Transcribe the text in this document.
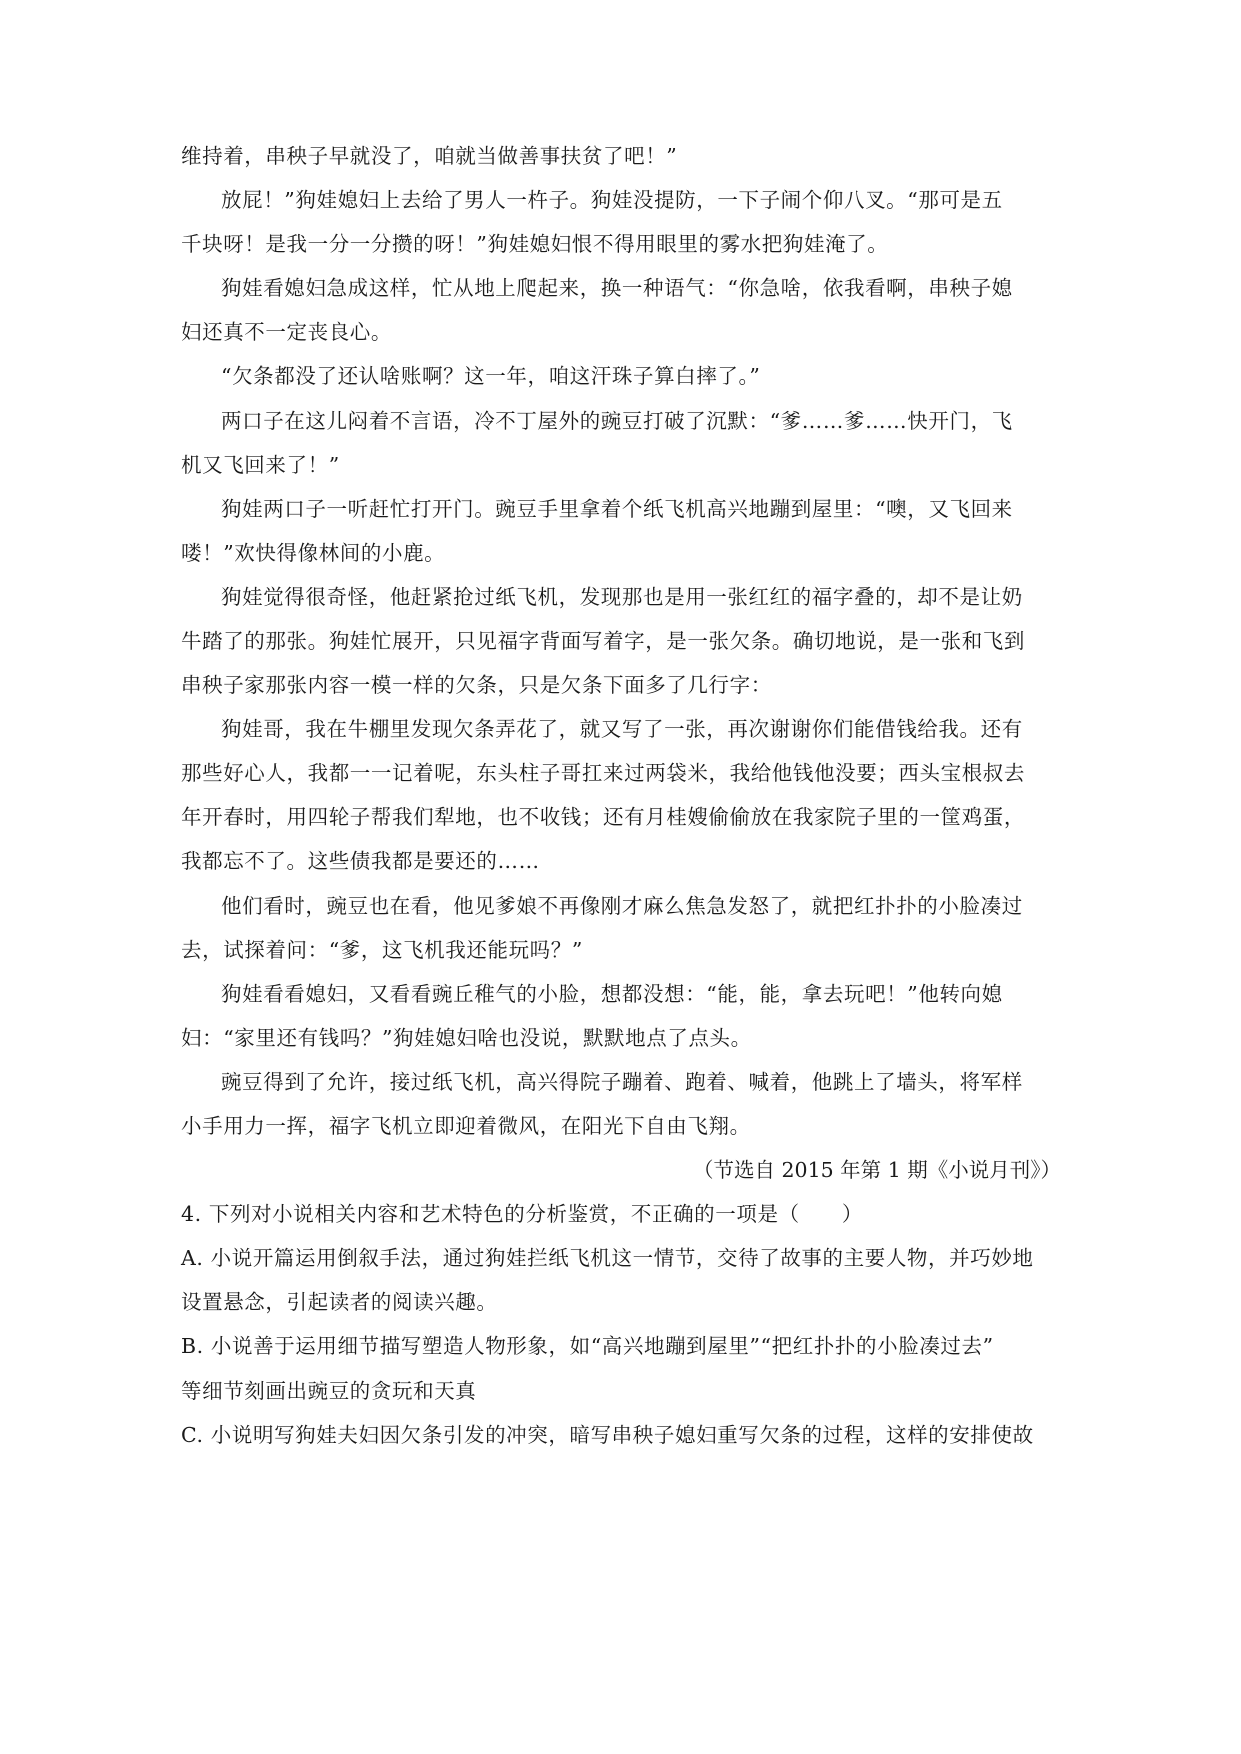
维持着，串秧子早就没了，咱就当做善事扶贫了吧！”
放屁！”狗娃媳妇上去给了男人一杵子。狗娃没提防，一下子闹个仰八叉。“那可是五
千块呀！是我一分一分攒的呀！”狗娃媳妇恨不得用眼里的雾水把狗娃淹了。
狗娃看媳妇急成这样，忙从地上爬起来，换一种语气：“你急啥，依我看啊，串秧子媳
妇还真不一定丧良心。
“欠条都没了还认啥账啊？这一年，咱这汗珠子算白摔了。”
两口子在这儿闷着不言语，冷不丁屋外的豌豆打破了沉默：“爹……爹……快开门，飞
机又飞回来了！”
狗娃两口子一听赶忙打开门。豌豆手里拿着个纸飞机高兴地蹦到屋里：“噢，又飞回来
喽！”欢快得像林间的小鹿。
狗娃觉得很奇怪，他赶紧抢过纸飞机，发现那也是用一张红红的福字叠的，却不是让奶
牛踏了的那张。狗娃忙展开，只见福字背面写着字，是一张欠条。确切地说，是一张和飞到
串秧子家那张内容一模一样的欠条，只是欠条下面多了几行字：
狗娃哥，我在牛棚里发现欠条弄花了，就又写了一张，再次谢谢你们能借钱给我。还有
那些好心人，我都一一记着呢，东头柱子哥扛来过两袋米，我给他钱他没要；西头宝根叔去
年开春时，用四轮子帮我们犁地，也不收钱；还有月桂嫂偷偷放在我家院子里的一筐鸡蛋，
我都忘不了。这些债我都是要还的……
他们看时，豌豆也在看，他见爹娘不再像刚才麻么焦急发怒了，就把红扑扑的小脸凑过
去，试探着问：“爹，这飞机我还能玩吗？”
狗娃看看媳妇，又看看豌丘稚气的小脸，想都没想：“能，能，拿去玩吧！”他转向媳
妇：“家里还有钱吗？”狗娃媳妇啥也没说，默默地点了点头。
豌豆得到了允许，接过纸飞机，高兴得院子蹦着、跑着、喊着，他跳上了墙头，将军样
小手用力一挥，福字飞机立即迎着微风，在阳光下自由飞翔。
（节选自 2015 年第 1 期《小说月刊》）
4. 下列对小说相关内容和艺术特色的分析鉴赏，不正确的一项是（　　）
A. 小说开篇运用倒叙手法，通过狗娃拦纸飞机这一情节，交待了故事的主要人物，并巧妙地
设置悬念，引起读者的阅读兴趣。
B. 小说善于运用细节描写塑造人物形象，如“高兴地蹦到屋里”“把红扑扑的小脸凑过去”
等细节刻画出豌豆的贪玩和天真
C. 小说明写狗娃夫妇因欠条引发的冲突，暗写串秧子媳妇重写欠条的过程，这样的安排使故
